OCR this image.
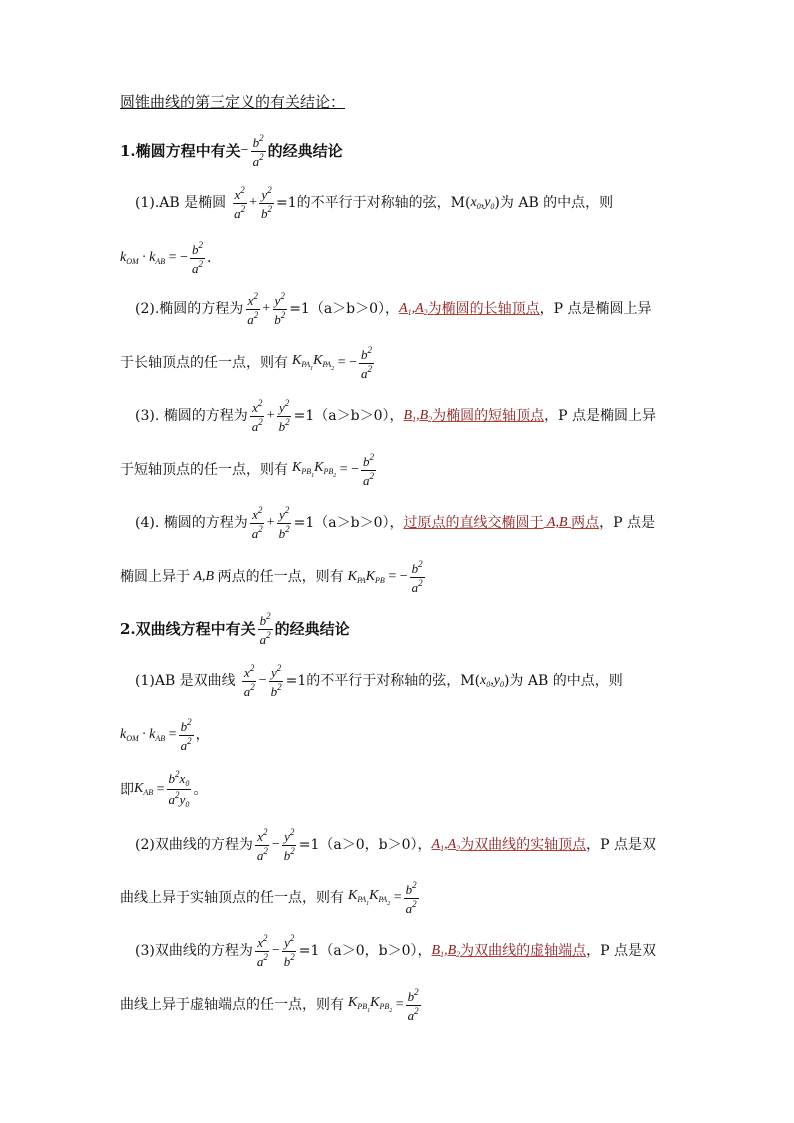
圆锥曲线的第三定义的有关结论：
1.椭圆方程中有关 − $\frac{b^2}{a^2}$ 的经典结论
(1).AB 是椭圆 $\frac{x^2}{a^2} + \frac{y^2}{b^2} =1$的不平行于对称轴的弦，M( $x_0,y_0$ )为 AB 的中点，则
$k_{OM} \cdot k_{AB}$ = − $\frac{b^2}{a^2}$ .
(2).椭圆的方程为 $\frac{x^2}{a^2} + \frac{y^2}{b^2} =1(a>b>0)$， $A_1,A_2$ 为椭圆的长轴顶点 ，P 点是椭圆上异
于长轴顶点的任一点，则有 $K_{PA_1}K_{PA_2}$ = − $\frac{b^2}{a^2}$
(3). 椭圆的方程为 $\frac{x^2}{a^2} + \frac{y^2}{b^2} =1(a>b>0)$， $B_1,B_2$ 为椭圆的短轴顶点 ，P 点是椭圆上异
于短轴顶点的任一点，则有 $K_{PB_1}K_{PB_2}$ = − $\frac{b^2}{a^2}$
(4). 椭圆的方程为 $\frac{x^2}{a^2} + \frac{y^2}{b^2} =1(a>b>0)$， 过原点的直线交椭圆于 A,B 两点 ，P 点是
椭圆上异于 A,B 两点的任一点，则有 $K_{PA}K_{PB}$ = − $\frac{b^2}{a^2}$
2.双曲线方程中有关 $\frac{b^2}{a^2}$ 的经典结论
(1)AB 是双曲线 $\frac{x^2}{a^2} - \frac{y^2}{b^2} =1$的不平行于对称轴的弦，M( $x_0,y_0$ )为 AB 的中点，则
$k_{OM} \cdot k_{AB} = \frac{b^2}{a^2}$ ，
即 $K_{AB} = \frac{b^2x_0}{a^2y_0}$ 。
(2)双曲线的方程为 $\frac{x^2}{a^2} - \frac{y^2}{b^2} =1(a>0$，b＞0）， $A_1,A_2$ 为双曲线的实轴顶点 ，P 点是双
曲线上异于实轴顶点的任一点，则有 $K_{PA_1}K_{PA_2} = \frac{b^2}{a^2}$
(3)双曲线的方程为 $\frac{x^2}{a^2} - \frac{y^2}{b^2} =1(a>0$，b＞0）， $B_1,B_2$ 为双曲线的虚轴端点 ，P 点是双
曲线上异于虚轴端点的任一点，则有 $K_{PB_1}K_{PB_2} = \frac{b^2}{a^2}$
